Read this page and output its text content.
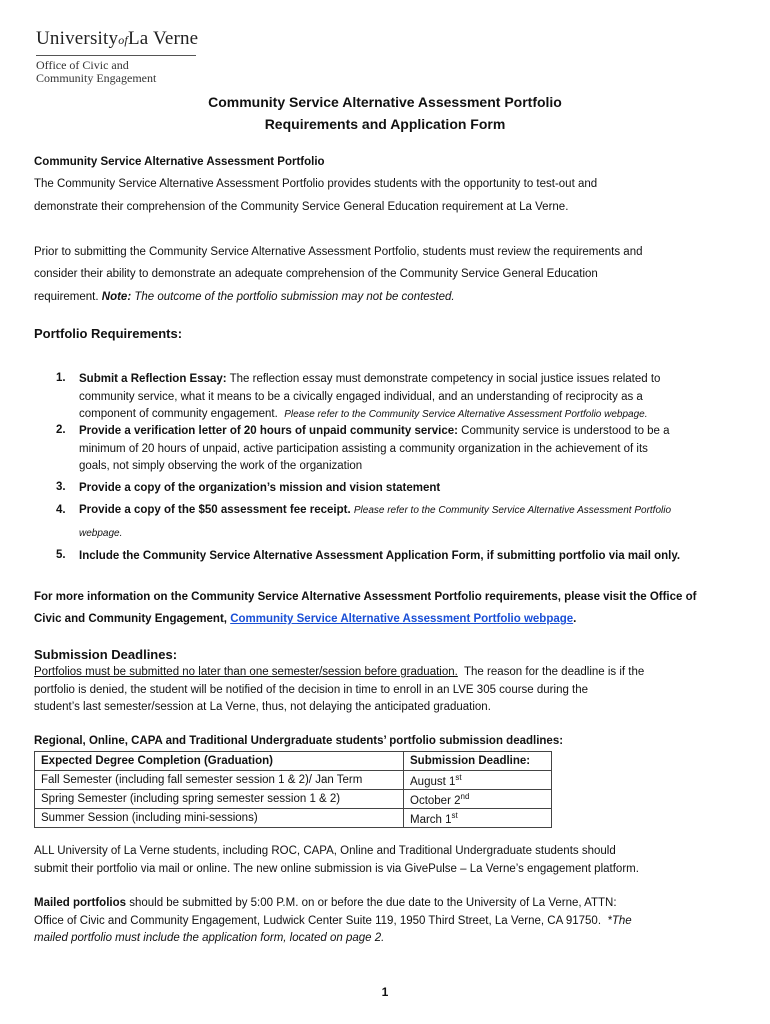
UniversityofLa Verne
Office of Civic and
Community Engagement
Community Service Alternative Assessment Portfolio
Requirements and Application Form
Community Service Alternative Assessment Portfolio
The Community Service Alternative Assessment Portfolio provides students with the opportunity to test-out and
demonstrate their comprehension of the Community Service General Education requirement at La Verne.
Prior to submitting the Community Service Alternative Assessment Portfolio, students must review the requirements and
consider their ability to demonstrate an adequate comprehension of the Community Service General Education
requirement. Note: The outcome of the portfolio submission may not be contested.
Portfolio Requirements:
1. Submit a Reflection Essay: The reflection essay must demonstrate competency in social justice issues related to
community service, what it means to be a civically engaged individual, and an understanding of reciprocity as a
component of community engagement. Please refer to the Community Service Alternative Assessment Portfolio webpage.
2. Provide a verification letter of 20 hours of unpaid community service: Community service is understood to be a
minimum of 20 hours of unpaid, active participation assisting a community organization in the achievement of its
goals, not simply observing the work of the organization
3. Provide a copy of the organization’s mission and vision statement
4. Provide a copy of the $50 assessment fee receipt. Please refer to the Community Service Alternative Assessment Portfolio
webpage.
5. Include the Community Service Alternative Assessment Application Form, if submitting portfolio via mail only.
For more information on the Community Service Alternative Assessment Portfolio requirements, please visit the Office of
Civic and Community Engagement, Community Service Alternative Assessment Portfolio webpage.
Submission Deadlines:
Portfolios must be submitted no later than one semester/session before graduation. The reason for the deadline is if the
portfolio is denied, the student will be notified of the decision in time to enroll in an LVE 305 course during the
student’s last semester/session at La Verne, thus, not delaying the anticipated graduation.
Regional, Online, CAPA and Traditional Undergraduate students’ portfolio submission deadlines:
Expected Degree Completion (Graduation)	Submission Deadline:
Fall Semester (including fall semester session 1 & 2)/ Jan Term	August 1st
Spring Semester (including spring semester session 1 & 2)	October 2nd
Summer Session (including mini-sessions)	March 1st
ALL University of La Verne students, including ROC, CAPA, Online and Traditional Undergraduate students should
submit their portfolio via mail or online. The new online submission is via GivePulse – La Verne’s engagement platform.
Mailed portfolios should be submitted by 5:00 P.M. on or before the due date to the University of La Verne, ATTN:
Office of Civic and Community Engagement, Ludwick Center Suite 119, 1950 Third Street, La Verne, CA 91750. *The
mailed portfolio must include the application form, located on page 2.
1
